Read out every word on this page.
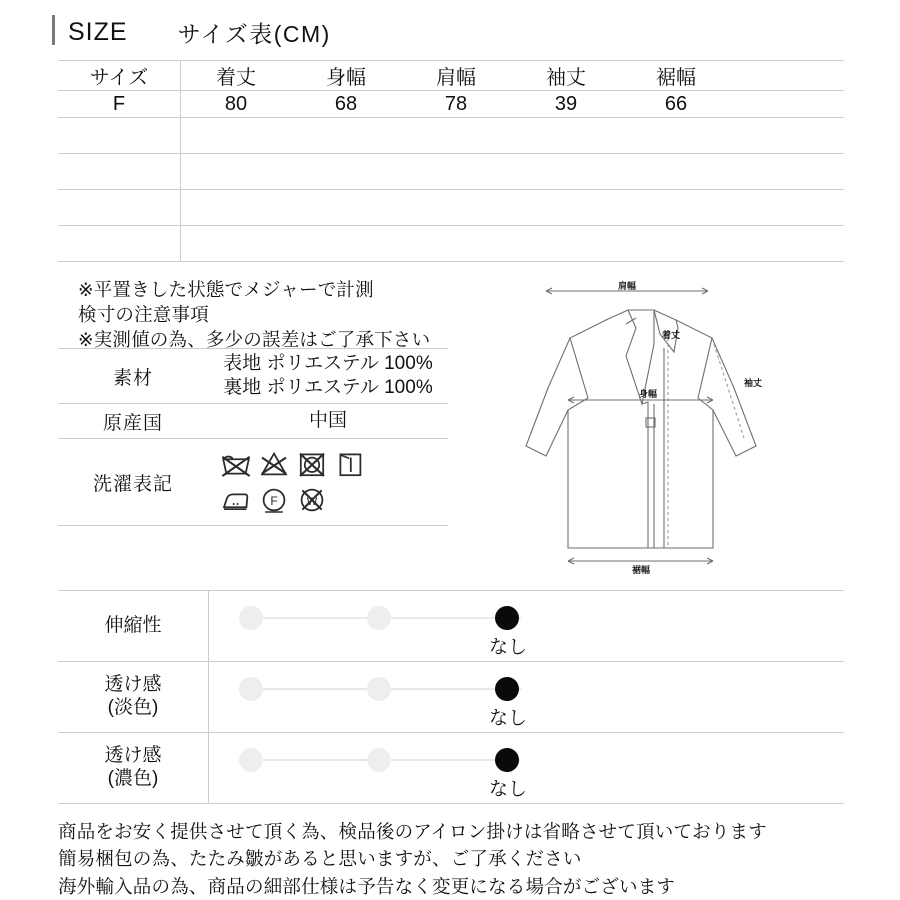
SIZE サイズ表(CM)
サイズ	着丈	身幅	肩幅	袖丈	裾幅	
F	80	68	78	39	66	

※平置きした状態でメジャーで計測
検寸の注意事項
※実測値の為、多少の誤差はご了承下さい
素材	表地 ポリエステル 100%
裏地 ポリエステル 100%

原産国	中国
洗濯表記	F W
肩幅
着丈
袖丈
身幅
裾幅
伸縮性	なし

透け感
(淡色)	なし

透け感
(濃色)	なし
商品をお安く提供させて頂く為、検品後のアイロン掛けは省略させて頂いております
簡易梱包の為、たたみ皺があると思いますが、ご了承ください
海外輸入品の為、商品の細部仕様は予告なく変更になる場合がございます
